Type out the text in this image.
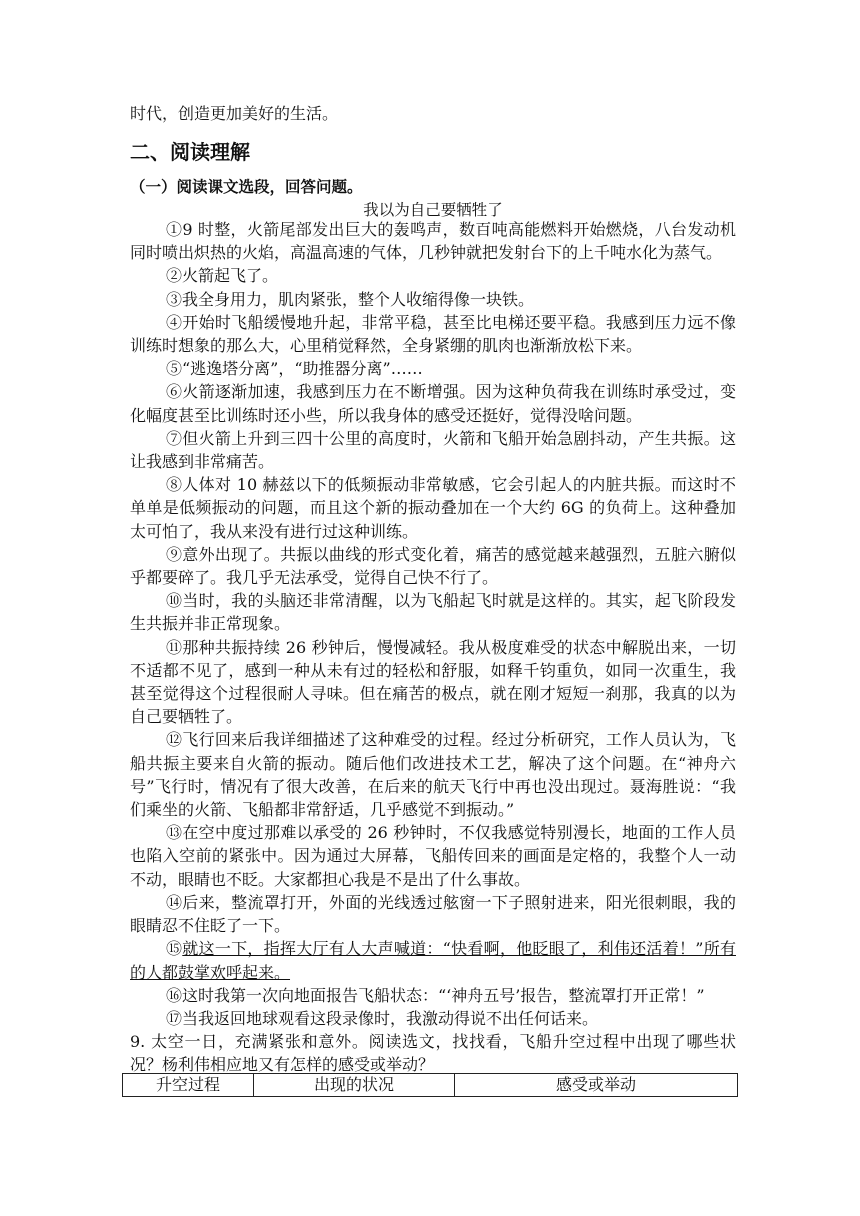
时代，创造更加美好的生活。
二、阅读理解
（一）阅读课文选段，回答问题。
我以为自己要牺牲了

①9 时整，火箭尾部发出巨大的轰鸣声，数百吨高能燃料开始燃烧，八台发动机同时喷出炽热的火焰，高温高速的气体，几秒钟就把发射台下的上千吨水化为蒸气。

②火箭起飞了。

③我全身用力，肌肉紧张，整个人收缩得像一块铁。

④开始时飞船缓慢地升起，非常平稳，甚至比电梯还要平稳。我感到压力远不像训练时想象的那么大，心里稍觉释然，全身紧绷的肌肉也渐渐放松下来。

⑤“逃逸塔分离”，“助推器分离”……

⑥火箭逐渐加速，我感到压力在不断增强。因为这种负荷我在训练时承受过，变化幅度甚至比训练时还小些，所以我身体的感受还挺好，觉得没啥问题。

⑦但火箭上升到三四十公里的高度时，火箭和飞船开始急剧抖动，产生共振。这让我感到非常痛苦。

⑧人体对 10 赫兹以下的低频振动非常敏感，它会引起人的内脏共振。而这时不单单是低频振动的问题，而且这个新的振动叠加在一个大约 6G 的负荷上。这种叠加太可怕了，我从来没有进行过这种训练。

⑨意外出现了。共振以曲线的形式变化着，痛苦的感觉越来越强烈，五脏六腑似乎都要碎了。我几乎无法承受，觉得自己快不行了。

⑩当时，我的头脑还非常清醒，以为飞船起飞时就是这样的。其实，起飞阶段发生共振并非正常现象。

⑪那种共振持续 26 秒钟后，慢慢减轻。我从极度难受的状态中解脱出来，一切不适都不见了，感到一种从未有过的轻松和舒服，如释千钧重负，如同一次重生，我甚至觉得这个过程很耐人寻味。但在痛苦的极点，就在刚才短短一刹那，我真的以为自己要牺牲了。

⑫飞行回来后我详细描述了这种难受的过程。经过分析研究，工作人员认为，飞船共振主要来自火箭的振动。随后他们改进技术工艺，解决了这个问题。在“神舟六号”飞行时，情况有了很大改善，在后来的航天飞行中再也没出现过。聂海胜说：“我们乘坐的火箭、飞船都非常舒适，几乎感觉不到振动。”

⑬在空中度过那难以承受的 26 秒钟时，不仅我感觉特别漫长，地面的工作人员也陷入空前的紧张中。因为通过大屏幕，飞船传回来的画面是定格的，我整个人一动不动，眼睛也不眨。大家都担心我是不是出了什么事故。

⑭后来，整流罩打开，外面的光线透过舷窗一下子照射进来，阳光很刺眼，我的眼睛忍不住眨了一下。

⑮就这一下，指挥大厅有人大声喊道：“快看啊，他眨眼了，利伟还活着！”所有的人都鼓掌欢呼起来。

⑯这时我第一次向地面报告飞船状态：“‘神舟五号’报告，整流罩打开正常！”

⑰当我返回地球观看这段录像时，我激动得说不出任何话来。

9. 太空一日，充满紧张和意外。阅读选文，找找看，飞船升空过程中出现了哪些状况？杨利伟相应地又有怎样的感受或举动？
升空过程	出现的状况	感受或举动
